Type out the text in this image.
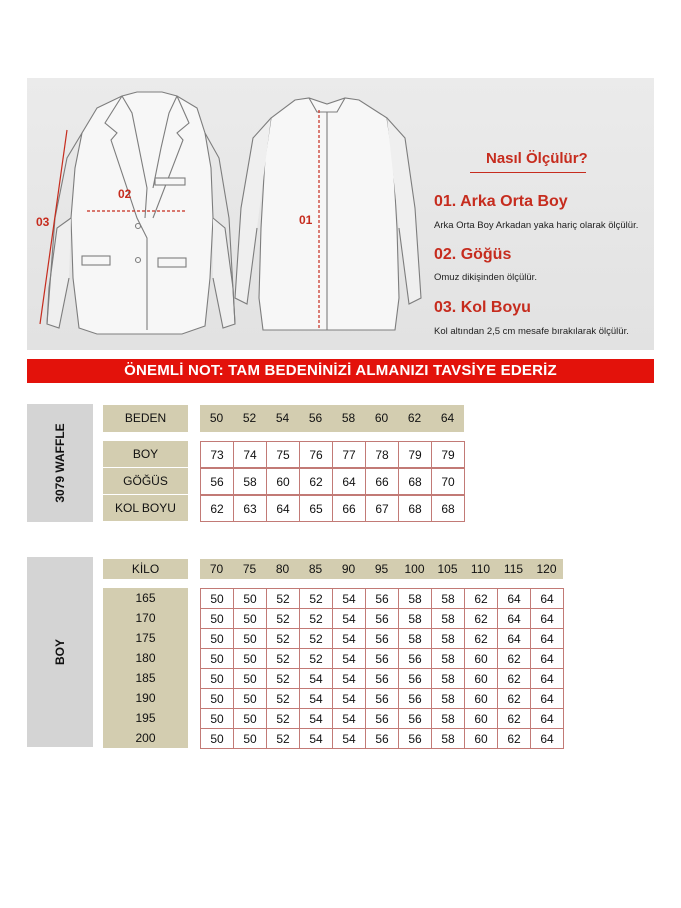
02
03	01
Nasıl Ölçülür?
01. Arka Orta Boy
Arka Orta Boy Arkadan yaka hariç olarak ölçülür.
02. Göğüs
Omuz dikişinden ölçülür.
03. Kol Boyu
Kol altından 2,5 cm mesafe bırakılarak ölçülür.
ÖNEMLİ NOT: TAM BEDENİNİZİ ALMANIZI TAVSİYE EDERİZ
3079 WAFFLE
BOY
BEDEN	50	52	54	56	58	60	62	64
BOY	73	74	75	76	77	78	79	79
GÖĞÜS	56	58	60	62	64	66	68	70
KOL BOYU	62	63	64	65	66	67	68	68
KİLO	70	75	80	85	90	95	100	105	110	115	120
165	50	50	52	52	54	56	58	58	62	64	64
170	50	50	52	52	54	56	58	58	62	64	64
175	50	50	52	52	54	56	58	58	62	64	64
180	50	50	52	52	54	56	56	58	60	62	64
185	50	50	52	54	54	56	56	58	60	62	64
190	50	50	52	54	54	56	56	58	60	62	64
195	50	50	52	54	54	56	56	58	60	62	64
200	50	50	52	54	54	56	56	58	60	62	64
